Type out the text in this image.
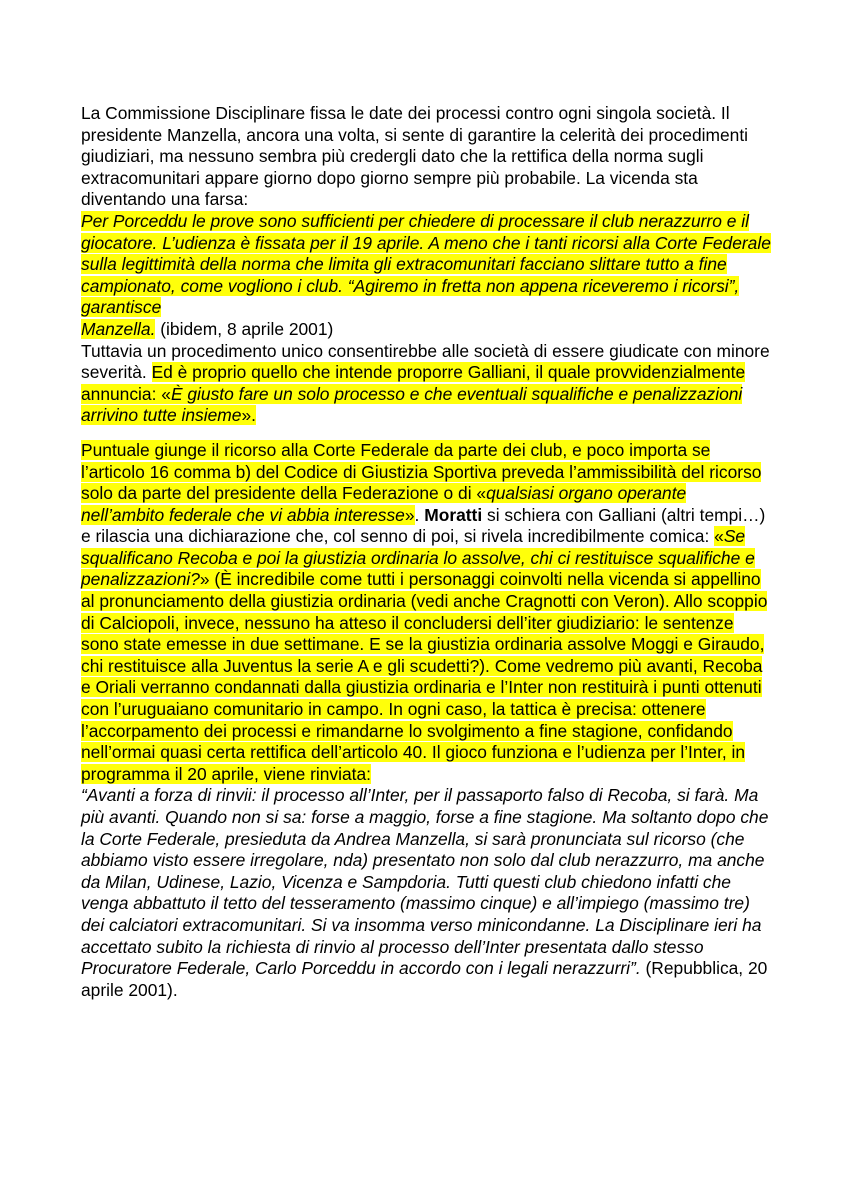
La Commissione Disciplinare fissa le date dei processi contro ogni singola società. Il presidente Manzella, ancora una volta, si sente di garantire la celerità dei procedimenti giudiziari, ma nessuno sembra più credergli dato che la rettifica della norma sugli extracomunitari appare giorno dopo giorno sempre più probabile. La vicenda sta diventando una farsa:

Per Porceddu le prove sono sufficienti per chiedere di processare il club nerazzurro e il giocatore. L’udienza è fissata per il 19 aprile. A meno che i tanti ricorsi alla Corte Federale sulla legittimità della norma che limita gli extracomunitari facciano slittare tutto a fine campionato, come vogliono i club. “Agiremo in fretta non appena riceveremo i ricorsi”, garantisce
Manzella. (ibidem, 8 aprile 2001)

Tuttavia un procedimento unico consentirebbe alle società di essere giudicate con minore severità. Ed è proprio quello che intende proporre Galliani, il quale provvidenzialmente annuncia: «È giusto fare un solo processo e che eventuali squalifiche e penalizzazioni arrivino tutte insieme».

Puntuale giunge il ricorso alla Corte Federale da parte dei club, e poco importa se l’articolo 16 comma b) del Codice di Giustizia Sportiva preveda l’ammissibilità del ricorso solo da parte del presidente della Federazione o di «qualsiasi organo operante nell’ambito federale che vi abbia interesse». Moratti si schiera con Galliani (altri tempi…) e rilascia una dichiarazione che, col senno di poi, si rivela incredibilmente comica: «Se squalificano Recoba e poi la giustizia ordinaria lo assolve, chi ci restituisce squalifiche e penalizzazioni?» (È incredibile come tutti i personaggi coinvolti nella vicenda si appellino al pronunciamento della giustizia ordinaria (vedi anche Cragnotti con Veron). Allo scoppio di Calciopoli, invece, nessuno ha atteso il concludersi dell’iter giudiziario: le sentenze sono state emesse in due settimane. E se la giustizia ordinaria assolve Moggi e Giraudo, chi restituisce alla Juventus la serie A e gli scudetti?). Come vedremo più avanti, Recoba e Oriali verranno condannati dalla giustizia ordinaria e l’Inter non restituirà i punti ottenuti con l’uruguaiano comunitario in campo. In ogni caso, la tattica è precisa: ottenere l’accorpamento dei processi e rimandarne lo svolgimento a fine stagione, confidando nell’ormai quasi certa rettifica dell’articolo 40. Il gioco funziona e l’udienza per l’Inter, in programma il 20 aprile, viene rinviata:

“Avanti a forza di rinvii: il processo all’Inter, per il passaporto falso di Recoba, si farà. Ma più avanti. Quando non si sa: forse a maggio, forse a fine stagione. Ma soltanto dopo che la Corte Federale, presieduta da Andrea Manzella, si sarà pronunciata sul ricorso (che abbiamo visto essere irregolare, nda) presentato non solo dal club nerazzurro, ma anche da Milan, Udinese, Lazio, Vicenza e Sampdoria. Tutti questi club chiedono infatti che venga abbattuto il tetto del tesseramento (massimo cinque) e all’impiego (massimo tre) dei calciatori extracomunitari. Si va insomma verso minicondanne. La Disciplinare ieri ha accettato subito la richiesta di rinvio al processo dell’Inter presentata dallo stesso Procuratore Federale, Carlo Porceddu in accordo con i legali nerazzurri”. (Repubblica, 20 aprile 2001).
